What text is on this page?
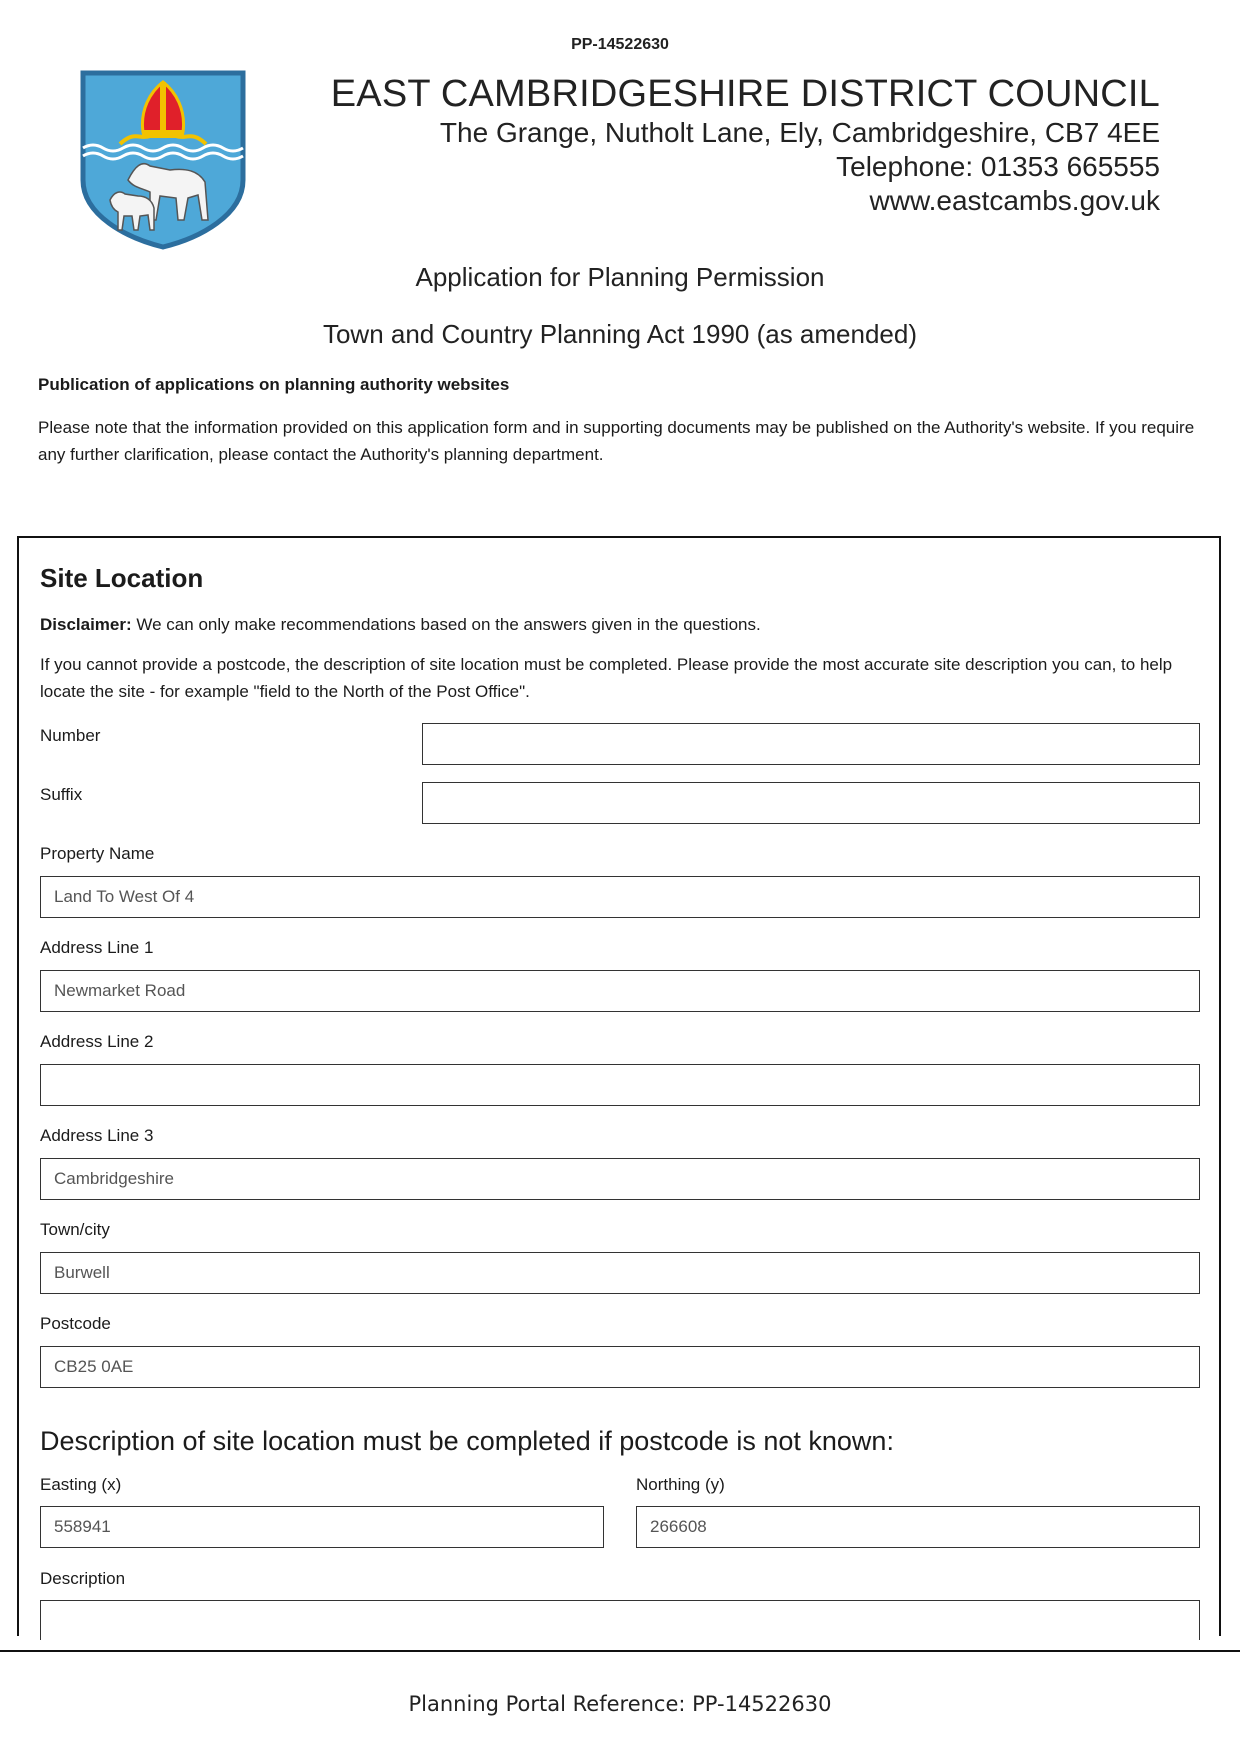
PP-14522630
EAST CAMBRIDGESHIRE DISTRICT COUNCIL
The Grange, Nutholt Lane, Ely, Cambridgeshire, CB7 4EE
Telephone: 01353 665555
www.eastcambs.gov.uk
Application for Planning Permission
Town and Country Planning Act 1990 (as amended)
Publication of applications on planning authority websites
Please note that the information provided on this application form and in supporting documents may be published on the Authority's website. If you require any further clarification, please contact the Authority's planning department.
Site Location
Disclaimer: We can only make recommendations based on the answers given in the questions.
If you cannot provide a postcode, the description of site location must be completed. Please provide the most accurate site description you can, to help locate the site - for example "field to the North of the Post Office".
Number
Suffix
Property Name
Land To West Of 4
Address Line 1
Newmarket Road
Address Line 2
Address Line 3
Cambridgeshire
Town/city
Burwell
Postcode
CB25 0AE
Description of site location must be completed if postcode is not known:
Easting (x)
558941
Northing (y)
266608
Description
Planning Portal Reference: PP-14522630
